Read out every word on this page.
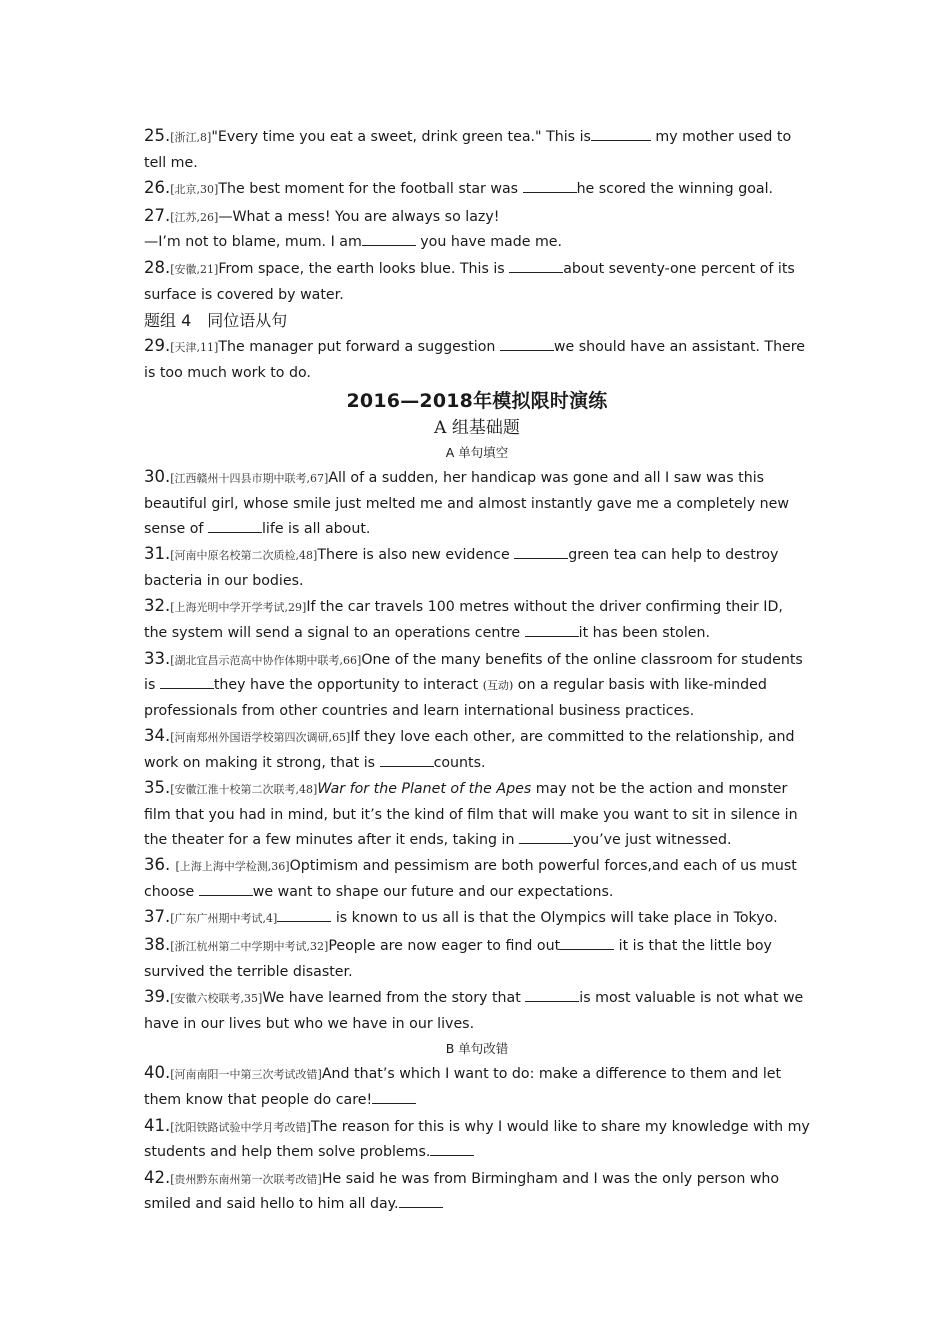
25.[浙江,8]"Every time you eat a sweet, drink green tea." This is	my mother used to tell me.

26.[北京,30]The best moment for the football star was	he scored the winning goal.

27.[江苏,26]—What a mess! You are always so lazy!
—I’m not to blame, mum. I am	you have made me.

28.[安徽,21]From space, the earth looks blue. This is	about seventy-one percent of its surface is covered by water.

题组 4　同位语从句

29.[天津,11]The manager put forward a suggestion	we should have an assistant. There is too much work to do.

2016—2018年模拟限时演练

A 组基础题

A 单句填空

30.[江西赣州十四县市期中联考,67]All of a sudden, her handicap was gone and all I saw was this beautiful girl, whose smile just melted me and almost instantly gave me a completely new sense of	life is all about.

31.[河南中原名校第二次质检,48]There is also new evidence	green tea can help to destroy bacteria in our bodies.

32.[上海光明中学开学考试,29]If the car travels 100 metres without the driver confirming their ID, the system will send a signal to an operations centre	it has been stolen.

33.[湖北宜昌示范高中协作体期中联考,66]One of the many benefits of the online classroom for students is	they have the opportunity to interact (互动) on a regular basis with like-minded professionals from other countries and learn international business practices.

34.[河南郑州外国语学校第四次调研,65]If they love each other, are committed to the relationship, and work on making it strong, that is	counts.

35.[安徽江淮十校第二次联考,48]War for the Planet of the Apes may not be the action and monster film that you had in mind, but it’s the kind of film that will make you want to sit in silence in the theater for a few minutes after it ends, taking in	you’ve just witnessed.

36. [上海上海中学检测,36]Optimism and pessimism are both powerful forces,and each of us must choose	we want to shape our future and our expectations.

37.[广东广州期中考试,4]	is known to us all is that the Olympics will take place in Tokyo.

38.[浙江杭州第二中学期中考试,32]People are now eager to find out	it is that the little boy survived the terrible disaster.

39.[安徽六校联考,35]We have learned from the story that	is most valuable is not what we have in our lives but who we have in our lives.

B 单句改错

40.[河南南阳一中第三次考试改错]And that’s which I want to do: make a difference to them and let them know that people do care!

41.[沈阳铁路试验中学月考改错]The reason for this is why I would like to share my knowledge with my students and help them solve problems.

42.[贵州黔东南州第一次联考改错]He said he was from Birmingham and I was the only person who smiled and said hello to him all day.
